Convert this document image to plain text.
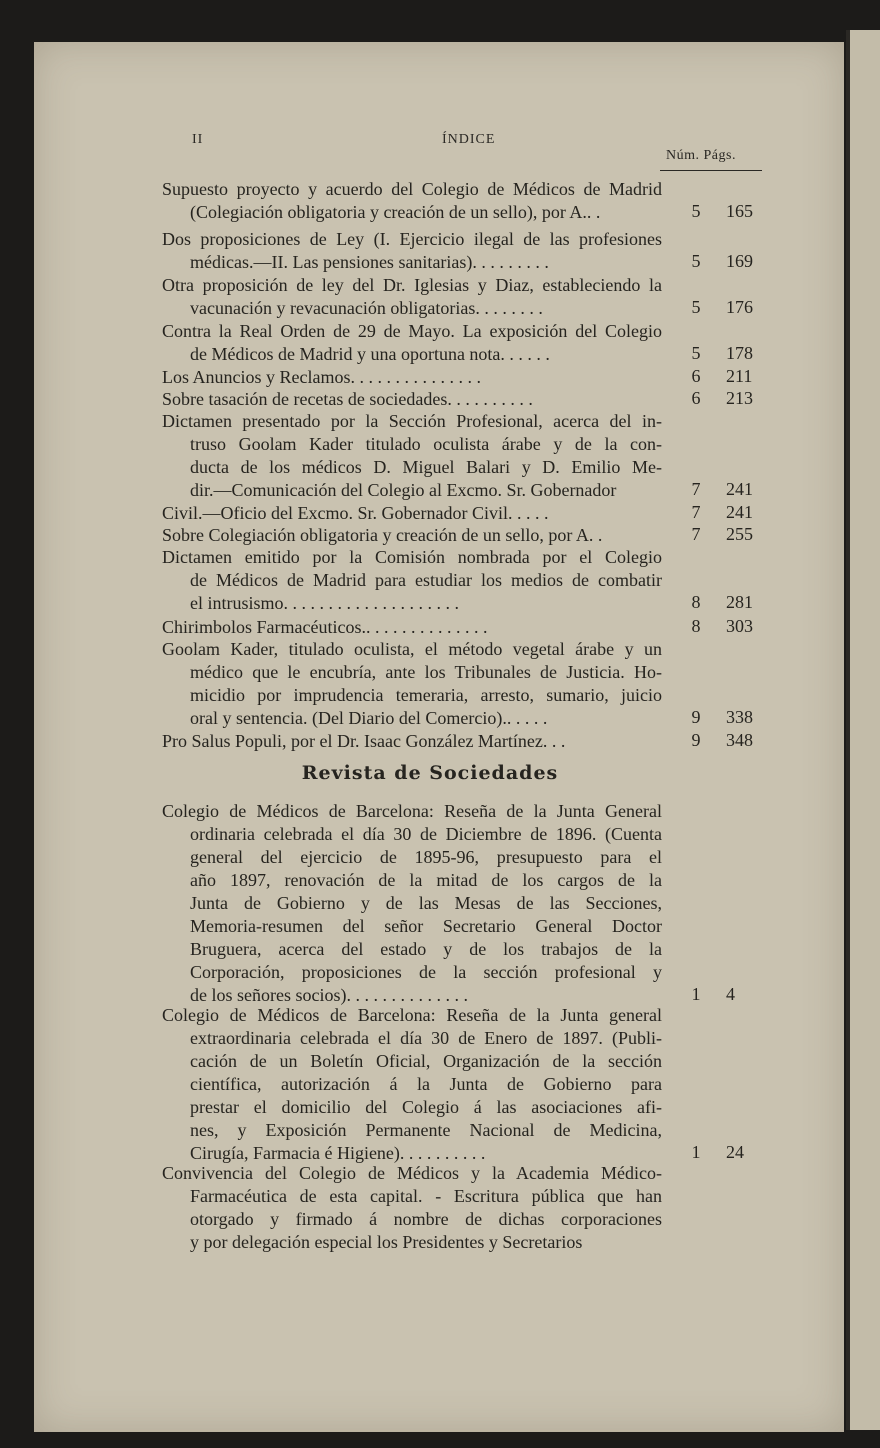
II	ÍNDICE
Núm. Págs.
Revista de Sociedades
Supuesto proyecto y acuerdo del Colegio de Médicos de Madrid
(Colegiación obligatoria y creación de un sello), por A.. .	5	165
Dos proposiciones de Ley (I. Ejercicio ilegal de las profesiones
médicas.—II. Las pensiones sanitarias). . . . . . . . .	5	169
Otra proposición de ley del Dr. Iglesias y Diaz, estableciendo la
vacunación y revacunación obligatorias. . . . . . . .	5	176
Contra la Real Orden de 29 de Mayo. La exposición del Colegio
de Médicos de Madrid y una oportuna nota. . . . . .	5	178
Los Anuncios y Reclamos. . . . . . . . . . . . . . .	6	211
Sobre tasación de recetas de sociedades. . . . . . . . . .	6	213
Dictamen presentado por la Sección Profesional, acerca del in-
truso Goolam Kader titulado oculista árabe y de la con-
ducta de los médicos D. Miguel Balari y D. Emilio Me-
dir.—Comunicación del Colegio al Excmo. Sr. Gobernador	7	241
Civil.—Oficio del Excmo. Sr. Gobernador Civil. . . . .	7	241
Sobre Colegiación obligatoria y creación de un sello, por A. .	7	255
Dictamen emitido por la Comisión nombrada por el Colegio
de Médicos de Madrid para estudiar los medios de combatir
el intrusismo. . . . . . . . . . . . . . . . . . . .	8	281
Chirimbolos Farmacéuticos.. . . . . . . . . . . . . .	8	303
Goolam Kader, titulado oculista, el método vegetal árabe y un
médico que le encubría, ante los Tribunales de Justicia. Ho-
micidio por imprudencia temeraria, arresto, sumario, juicio
oral y sentencia. (Del Diario del Comercio).. . . . .	9	338
Pro Salus Populi, por el Dr. Isaac González Martínez. . .	9	348
Colegio de Médicos de Barcelona: Reseña de la Junta General
ordinaria celebrada el día 30 de Diciembre de 1896. (Cuenta
general del ejercicio de 1895-96, presupuesto para el
año 1897, renovación de la mitad de los cargos de la
Junta de Gobierno y de las Mesas de las Secciones,
Memoria-resumen del señor Secretario General Doctor
Bruguera, acerca del estado y de los trabajos de la
Corporación, proposiciones de la sección profesional y
de los señores socios). . . . . . . . . . . . . .	1	4
Colegio de Médicos de Barcelona: Reseña de la Junta general
extraordinaria celebrada el día 30 de Enero de 1897. (Publi-
cación de un Boletín Oficial, Organización de la sección
científica, autorización á la Junta de Gobierno para
prestar el domicilio del Colegio á las asociaciones afi-
nes, y Exposición Permanente Nacional de Medicina,
Cirugía, Farmacia é Higiene). . . . . . . . . .	1	24
Convivencia del Colegio de Médicos y la Academia Médico-
Farmacéutica de esta capital. - Escritura pública que han
otorgado y firmado á nombre de dichas corporaciones
y por delegación especial los Presidentes y Secretarios
